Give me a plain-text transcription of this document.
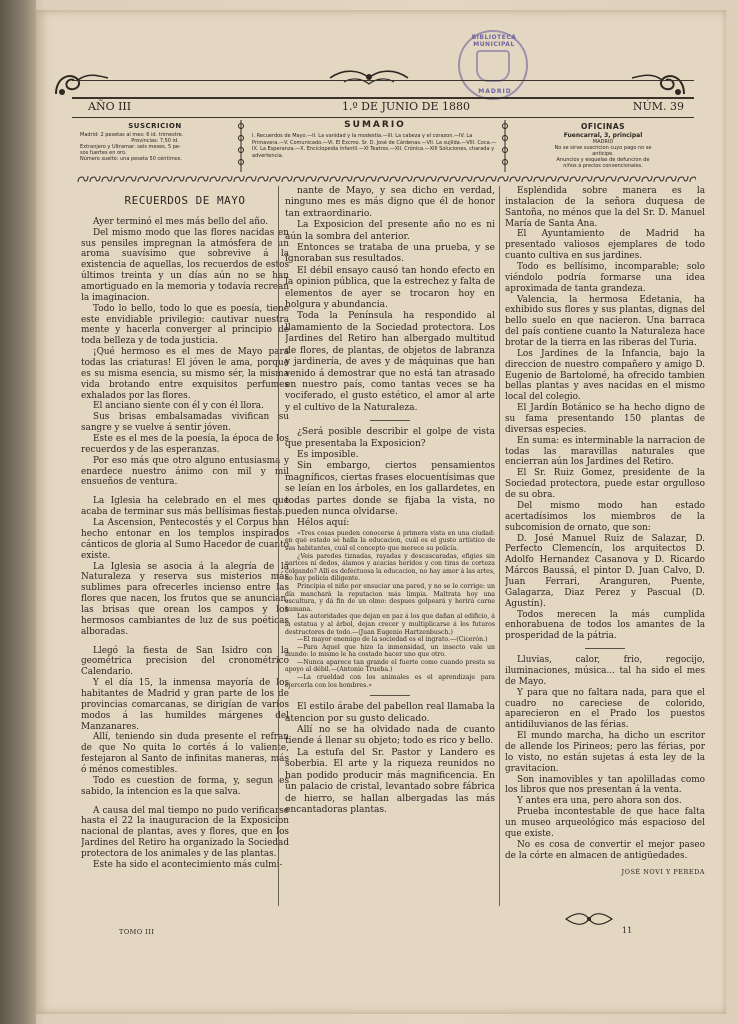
BIBLIOTECA MUNICIPAL
MADRID
AÑO III	1.º DE JUNIO DE 1880	NÚM. 39
SUSCRICION

Madrid: 2 pesetas al mes: 6 id. trimestre.

Provincias: 7,50 id.

Extranjero y Ultramar: seis meses, 5 pe-

sos fuertes en oro.

Número suelto: una peseta 50 céntimos.

SUMARIO

I. Recuerdos de Mayo.—II. La vanidad y la modestia.—III. La cabeza y el corazon.—IV. La Primavera.—V. Comunicado.—VI. El Excmo. Sr. D. José de Cárdenas.—VII. La sujilda.—VIII. Coca.—IX. La Esperanza.—X. Enciclopedia infantil.—XI Teatros.—XII. Crónica.—XIII Soluciones, charada y advertencia.

OFICINAS
Fuencarral, 3, principal

MADRID

No se sirve suscricion cuyo pago no se

anticipe.

Anuncios y esquelas de defuncion de

niños á precios convencionales.

RECUERDOS DE MAYO

Ayer terminó el mes más bello del año.

Del mismo modo que las flores nacidas en sus pensiles impregnan la atmósfera de un aroma suavísimo que sobrevive á la existencia de aquellas, los recuerdos de estos últimos treinta y un días aún no se han amortiguado en la memoria y todavía recrean la imaginacion.

Todo lo bello, todo lo que es poesía, tiene este envidiable privilegio: cautivar nuestra mente y hacerla converger al principio de toda belleza y de toda justicia.

¡Qué hermoso es el mes de Mayo para todas las criaturas! El jóven le ama, porque es su misma esencia, su mismo sér, la misma vida brotando entre exquisitos perfumes exhalados por las flores.

El anciano siente con él y con él llora.

Sus brisas embalsamadas vivifican su sangre y se vuelve á sentir jóven.

Este es el mes de la poesía, la época de los recuerdos y de las esperanzas.

Por eso más que otro alguno entusiasma y enardece nuestro ánimo con mil y mil ensueños de ventura.

La Iglesia ha celebrado en el mes que acaba de terminar sus más bellísimas fiestas.

La Ascension, Pentecostés y el Corpus han hecho entonar en los templos inspirados cánticos de gloria al Sumo Hacedor de cuanto existe.

La Iglesia se asocia á la alegría de la Naturaleza y reserva sus misterios más sublimes para ofrecerles incienso entre las flores que nacen, los frutos que se anuncian, las brisas que orean los campos y los hermosos cambiantes de luz de sus poéticas alboradas.

Llegó la fiesta de San Isidro con la geométrica precision del cronométrico Calendario.

Y el día 15, la inmensa mayoría de los habitantes de Madrid y gran parte de los de provincias comarcanas, se dirigían de varios modos á las humildes márgenes del Manzanares.

Allí, teniendo sin duda presente el refran de que No quita lo cortés á lo valiente, festejaron al Santo de infinitas maneras, más ó ménos comestibles.

Todo es cuestion de forma, y, segun es sabido, la intencion es la que salva.

A causa del mal tiempo no pudo verificarse hasta el 22 la inauguracion de la Exposicion nacional de plantas, aves y flores, que en los Jardines del Retiro ha organizado la Sociedad protectora de los animales y de las plantas.

Este ha sido el acontecimiento más culmi-

nante de Mayo, y sea dicho en verdad, ninguno mes es más digno que él de honor tan extraordinario.

La Exposicion del presente año no es ni aún la sombra del anterior.

Entonces se trataba de una prueba, y se ignoraban sus resultados.

El débil ensayo causó tan hondo efecto en la opinion pública, que la estrechez y falta de elementos de ayer se trocaron hoy en holgura y abundancia.

Toda la Península ha respondido al llamamiento de la Sociedad protectora. Los Jardines del Retiro han albergado multitud de flores, de plantas, de objetos de labranza y jardinería, de aves y de máquinas que han venido á demostrar que no está tan atrasado en nuestro país, como tantas veces se ha vociferado, el gusto estético, el amor al arte y el cultivo de la Naturaleza.

¿Será posible describir el golpe de vista que presentaba la Exposicion?

Es imposible.

Sin embargo, ciertos pensamientos magníficos, ciertas frases elocuentísimas que se leían en los árboles, en los gallardetes, en todas partes donde se fijaba la vista, no pueden nunca olvidarse.

Hélos aquí:

«Tres cosas pueden conocerse á primera vista en una ciudad: en qué estado se halla la educacion, cuál es el gusto artístico de sus habitantes, cuál el concepto que merece su policía.

¿Veis paredes tiznadas, rayadas y descascaradas, efigies sin narices ni dedos, álamos y acacias heridos y con tiras de corteza colgando? Allí es defectuosa la educacion, no hay amor á las artes, no hay policía diligente.

Principia el niño por ensuciar una pared, y no se le corrige: un día mancharà la reputacion más limpia. Maltrata hoy una escultura, y dá fin de un olmo: despues golpeará y herirá carne humana.

Las autoridades que dejan en paz á los que dañan al edificio, á la estatua y al árbol, dejan crecer y multiplicarse á los futuros destructores de todo.—(Juan Eugenio Hartzenbusch.)

—El mayor enemigo de la sociedad es el ingrato.—(Cicerón.)

—Para Aquel que hizo la inmensidad, un insecto vale un mundo: lo mismo le ha costado hacer uno que otro.

—Nunca aparece tan grande el fuerte como cuando presta su apoyo al débil.—(Antonio Trueba.)

—La crueldad con los animales es el aprendizaje para ejercerla con los hombres.»

El estilo árabe del pabellon real llamaba la atencion por su gusto delicado.

Allí no se ha olvidado nada de cuanto tiende á llenar su objeto; todo es rico y bello.

La estufa del Sr. Pastor y Landero es soberbia. El arte y la riqueza reunidos no han podido producir más magnificencia. En un palacio de cristal, levantado sobre fábrica de hierro, se hallan albergadas las más encantadoras plantas.

Espléndida sobre manera es la instalacion de la señora duquesa de Santoña, no ménos que la del Sr. D. Manuel María de Santa Ana.

El Ayuntamiento de Madrid ha presentado valiosos ejemplares de todo cuanto cultiva en sus jardines.

Todo es bellísimo, incomparable; solo viéndolo podría formarse una idea aproximada de tanta grandeza.

Valencia, la hermosa Edetania, ha exhibido sus flores y sus plantas, dignas del bello suelo en que nacieron. Una barraca del país contiene cuanto la Naturaleza hace brotar de la tierra en las riberas del Turia.

Los Jardines de la Infancia, bajo la direccion de nuestro compañero y amigo D. Eugenio de Bartolomé, ha ofrecido tambien bellas plantas y aves nacidas en el mismo local del colegio.

El Jardín Botánico se ha hecho digno de su fama presentando 150 plantas de diversas especies.

En suma: es interminable la narracion de todas las maravillas naturales que encierran aún los Jardines del Retiro.

El Sr. Ruiz Gomez, presidente de la Sociedad protectora, puede estar orgulloso de su obra.

Del mismo modo han estado acertadísimos los miembros de la subcomision de ornato, que son:

D. José Manuel Ruiz de Salazar, D. Perfecto Clemencín, los arquitectos D. Adolfo Hernandez Casanova y D. Ricardo Márcos Baussá, el pintor D. Juan Calvo, D. Juan Ferrari, Aranguren, Puente, Galagarza, Diaz Perez y Pascual (D. Agustín).

Todos merecen la más cumplida enhorabuena de todos los amantes de la prosperidad de la pátria.

Lluvias, calor, frio, regocijo, iluminaciones, música... tal ha sido el mes de Mayo.

Y para que no faltara nada, para que el cuadro no careciese de colorido, aparecieron en el Prado los puestos antidiluvianos de las férias.

El mundo marcha, ha dicho un escritor de allende los Pirineos; pero las férias, por lo visto, no están sujetas á esta ley de la gravitacion.

Son inamovibles y tan apolilladas como los libros que nos presentan á la venta.

Y antes era una, pero ahora son dos.

Prueba incontestable de que hace falta un museo arqueológico más espacioso del que existe.

No es cosa de convertir el mejor paseo de la córte en almacen de antigüedades.

JOSÉ NOVI Y PEREDA

TOMO III	11
